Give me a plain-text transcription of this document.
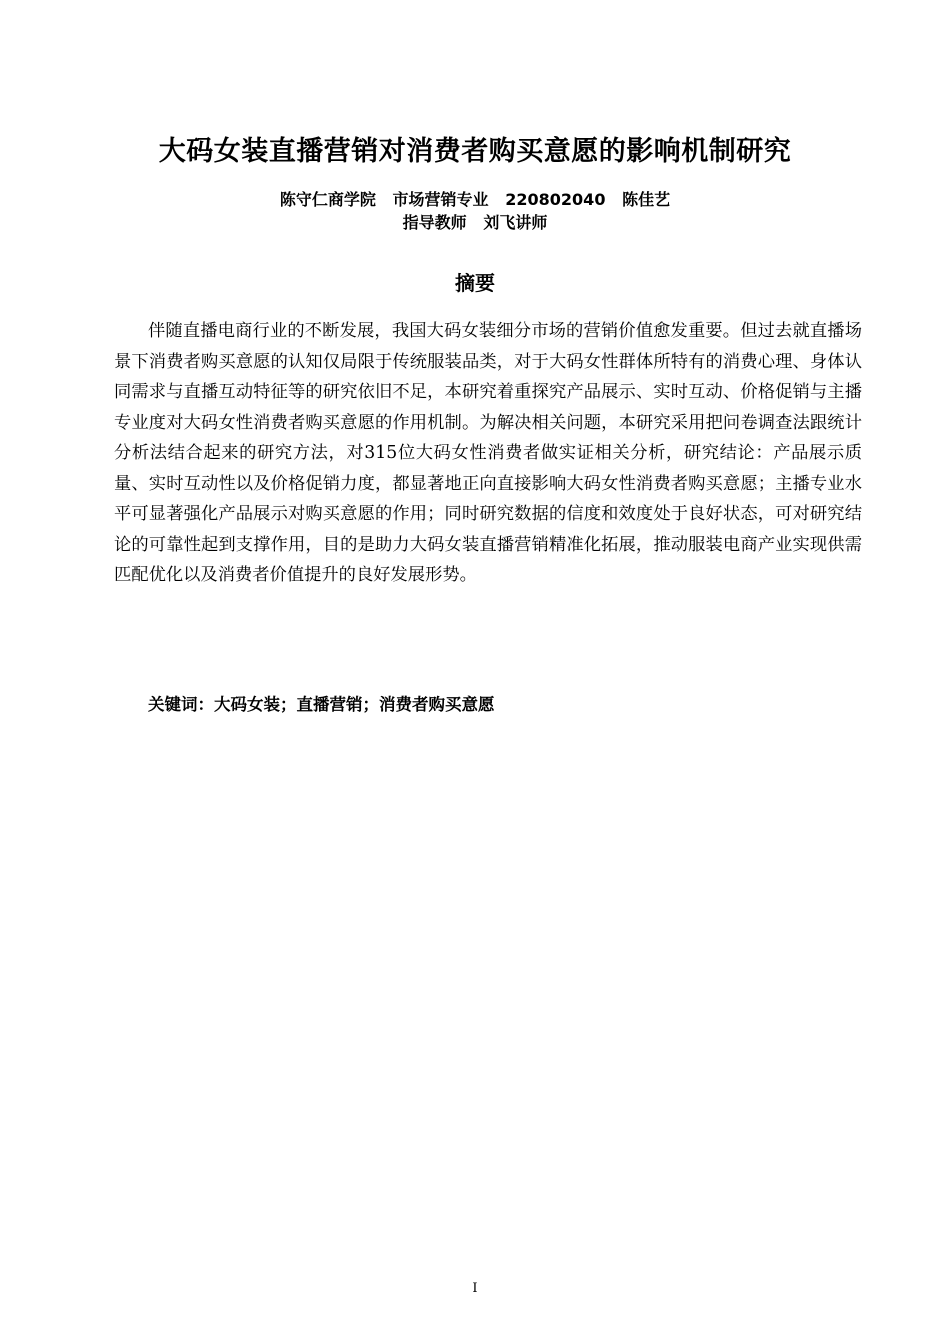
大码女装直播营销对消费者购买意愿的影响机制研究
陈守仁商学院   市场营销专业   220802040   陈佳艺
指导教师   刘飞讲师
摘要

伴随直播电商行业的不断发展，我国大码女装细分市场的营销价值愈发重要。但过去就直播场景下消费者购买意愿的认知仅局限于传统服装品类，对于大码女性群体所特有的消费心理、身体认同需求与直播互动特征等的研究依旧不足，本研究着重探究产品展示、实时互动、价格促销与主播专业度对大码女性消费者购买意愿的作用机制。为解决相关问题，本研究采用把问卷调查法跟统计分析法结合起来的研究方法，对315位大码女性消费者做实证相关分析，研究结论：产品展示质量、实时互动性以及价格促销力度，都显著地正向直接影响大码女性消费者购买意愿；主播专业水平可显著强化产品展示对购买意愿的作用；同时研究数据的信度和效度处于良好状态，可对研究结论的可靠性起到支撑作用，目的是助力大码女装直播营销精准化拓展，推动服装电商产业实现供需匹配优化以及消费者价值提升的良好发展形势。

关键词：大码女装；直播营销；消费者购买意愿
I
